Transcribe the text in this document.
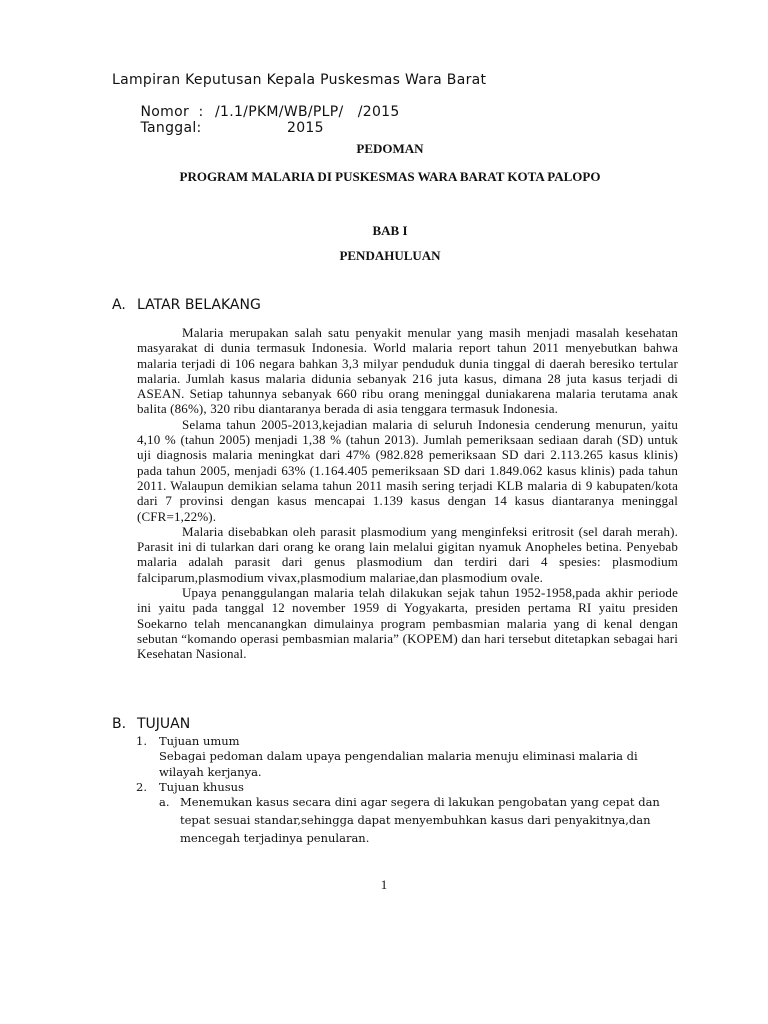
Lampiran Keputusan Kepala Puskesmas Wara Barat

Nomor  : /1.1/PKM/WB/PLP/   /2015

Tanggal:	2015

PEDOMAN
PROGRAM MALARIA DI PUSKESMAS WARA BARAT KOTA PALOPO
BAB I
PENDAHULUAN
A. LATAR BELAKANG

Malaria merupakan salah satu penyakit menular yang masih menjadi masalah kesehatan masyarakat di dunia termasuk Indonesia. World malaria report tahun 2011 menyebutkan bahwa malaria terjadi di 106 negara bahkan 3,3 milyar penduduk dunia tinggal di daerah beresiko tertular malaria. Jumlah kasus malaria didunia sebanyak 216 juta kasus, dimana 28 juta kasus terjadi di ASEAN. Setiap tahunnya sebanyak 660 ribu orang meninggal duniakarena malaria terutama anak balita (86%), 320 ribu diantaranya berada di asia tenggara termasuk Indonesia.

Selama tahun 2005-2013,kejadian malaria di seluruh Indonesia cenderung menurun, yaitu 4,10 % (tahun 2005) menjadi 1,38 % (tahun 2013). Jumlah pemeriksaan sediaan darah (SD) untuk uji diagnosis malaria meningkat dari 47% (982.828 pemeriksaan SD dari 2.113.265 kasus klinis) pada tahun 2005, menjadi 63% (1.164.405 pemeriksaan SD dari 1.849.062 kasus klinis) pada tahun 2011. Walaupun demikian selama tahun 2011 masih sering terjadi KLB malaria di 9 kabupaten/kota dari 7 provinsi dengan kasus mencapai 1.139 kasus dengan 14 kasus diantaranya meninggal (CFR=1,22%).

Malaria disebabkan oleh parasit plasmodium yang menginfeksi eritrosit (sel darah merah). Parasit ini di tularkan dari orang ke orang lain melalui gigitan nyamuk Anopheles betina. Penyebab malaria adalah parasit dari genus plasmodium dan terdiri dari 4 spesies: plasmodium falciparum,plasmodium vivax,plasmodium malariae,dan plasmodium ovale.

Upaya penanggulangan malaria telah dilakukan sejak tahun 1952-1958,pada akhir periode ini yaitu pada tanggal 12 november 1959 di Yogyakarta, presiden pertama RI yaitu presiden Soekarno telah mencanangkan dimulainya program pembasmian malaria yang di kenal dengan sebutan “komando operasi pembasmian malaria” (KOPEM) dan hari tersebut ditetapkan sebagai hari Kesehatan Nasional.

B. TUJUAN
1. Tujuan umum
Sebagai pedoman dalam upaya pengendalian malaria menuju eliminasi malaria di
wilayah kerjanya.
2. Tujuan khusus
a. Menemukan kasus secara dini agar segera di lakukan pengobatan yang cepat dan
tepat sesuai standar,sehingga dapat menyembuhkan kasus dari penyakitnya,dan
mencegah terjadinya penularan.
1
